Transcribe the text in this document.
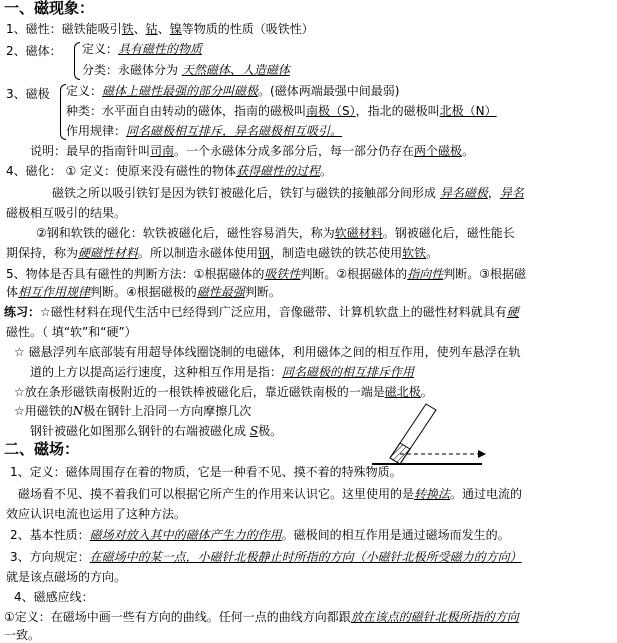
一、磁现象：
1、磁性：磁铁能吸引铁、钴、镍等物质的性质（吸铁性）
2、磁体： 定义：具有磁性的物质
分类：永磁体分为 天然磁体、人造磁体
3、磁极 定义：磁体上磁性最强的部分叫磁极。(磁体两端最强中间最弱)
种类：水平面自由转动的磁体，指南的磁极叫南极（S），指北的磁极叫北极（N）
作用规律：同名磁极相互排斥，异名磁极相互吸引。
说明：最早的指南针叫司南。一个永磁体分成多部分后，每一部分仍存在两个磁极。
4、磁化： ① 定义：使原来没有磁性的物体获得磁性的过程。
磁铁之所以吸引铁钉是因为铁钉被磁化后，铁钉与磁铁的接触部分间形成 异名磁极，异名
磁极相互吸引的结果。
②钢和软铁的磁化：软铁被磁化后，磁性容易消失，称为软磁材料。钢被磁化后，磁性能长
期保持，称为硬磁性材料。所以制造永磁体使用钢，制造电磁铁的铁芯使用软铁。
5、物体是否具有磁性的判断方法：①根据磁体的吸铁性判断。②根据磁体的指向性判断。③根据磁
体相互作用规律判断。④根据磁极的磁性最强判断。
练习：☆磁性材料在现代生活中已经得到广泛应用，音像磁带、计算机软盘上的磁性材料就具有硬
磁性。（ 填“软”和“硬”）
☆ 磁悬浮列车底部装有用超导体线圈饶制的电磁体，利用磁体之间的相互作用，使列车悬浮在轨
道的上方以提高运行速度，这种相互作用是指：同名磁极的相互排斥作用
☆放在条形磁铁南极附近的一根铁棒被磁化后，靠近磁铁南极的一端是磁北极。
☆用磁铁的N极在钢针上沿同一方向摩擦几次
钢针被磁化如图那么钢针的右端被磁化成 S极。
二、磁场：
1、定义：磁体周围存在着的物质，它是一种看不见、摸不着的特殊物质。
磁场看不见、摸不着我们可以根据它所产生的作用来认识它。这里使用的是转换法。通过电流的
效应认识电流也运用了这种方法。
2、基本性质：磁场对放入其中的磁体产生力的作用。磁极间的相互作用是通过磁场而发生的。
3、方向规定：在磁场中的某一点，小磁针北极静止时所指的方向（小磁针北极所受磁力的方向）
就是该点磁场的方向。
4、磁感应线：
①定义：在磁场中画一些有方向的曲线。任何一点的曲线方向都跟放在该点的磁针北极所指的方向
一致。
